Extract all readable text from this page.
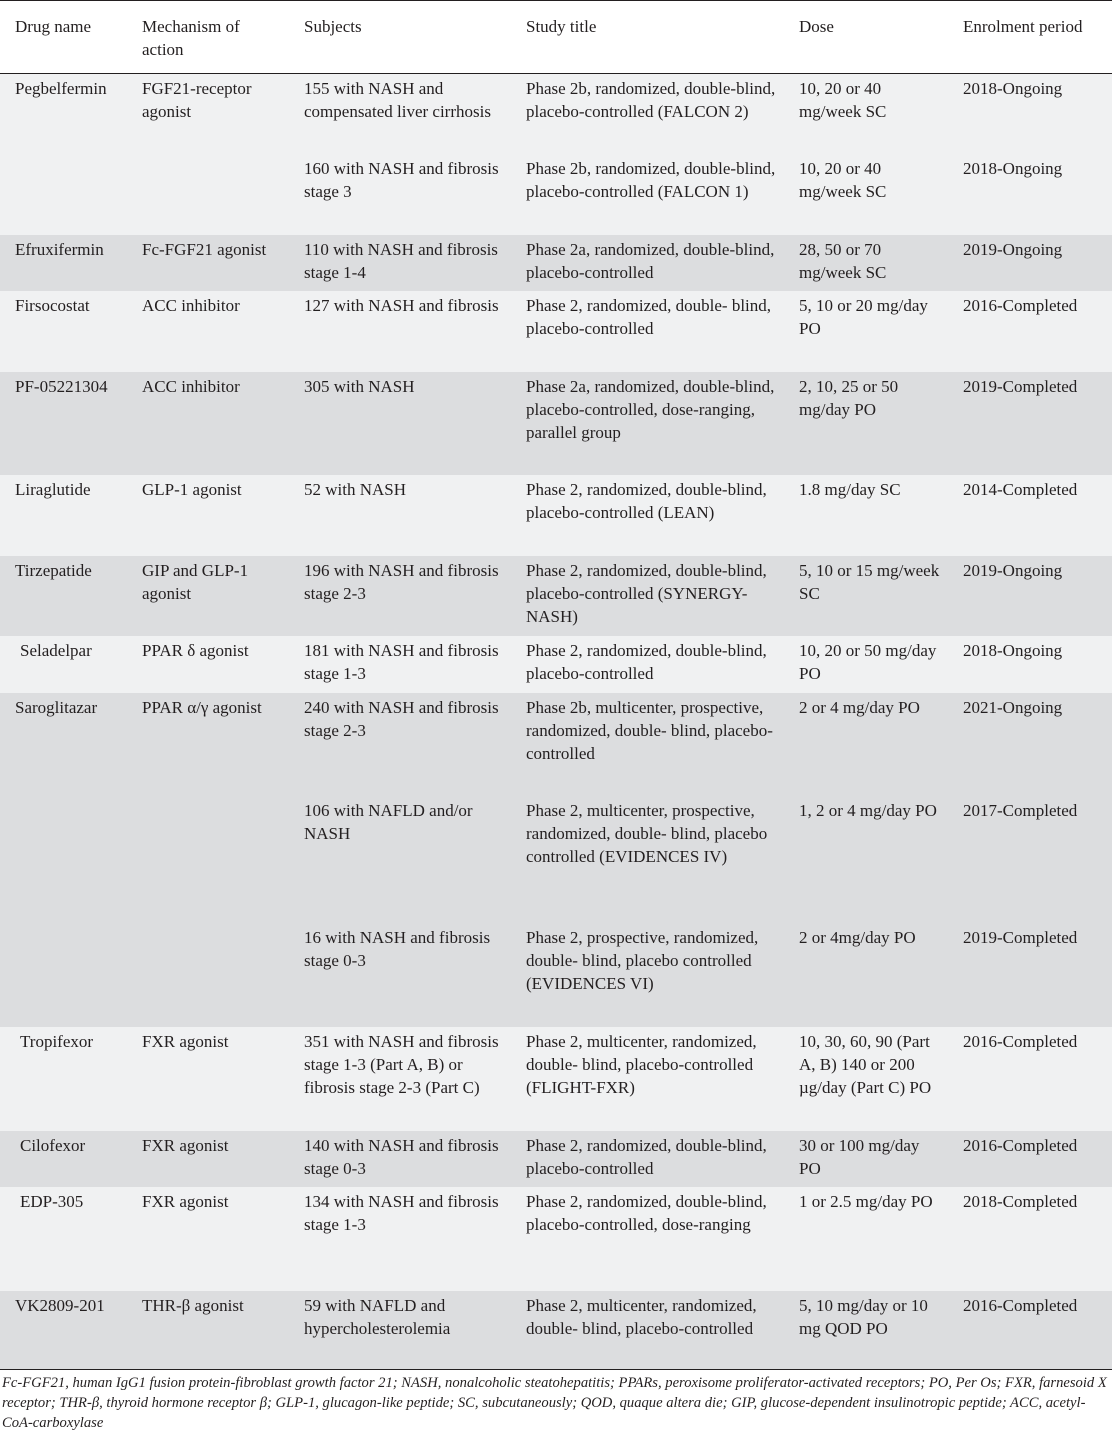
Drug name	Mechanism of action	Subjects	Study title	Dose	Enrolment period
Pegbelfermin	FGF21-receptor agonist	155 with NASH and compensated liver cirrhosis	Phase 2b, randomized, double-blind, placebo-controlled (FALCON 2)	10, 20 or 40 mg/week SC	2018-Ongoing
		160 with NASH and fibrosis stage 3	Phase 2b, randomized, double-blind, placebo-controlled (FALCON 1)	10, 20 or 40 mg/week SC	2018-Ongoing
Efruxifermin	Fc-FGF21 agonist	110 with NASH and fibrosis stage 1-4	Phase 2a, randomized, double-blind, placebo-controlled	28, 50 or 70 mg/week SC	2019-Ongoing
Firsocostat	ACC inhibitor	127 with NASH and fibrosis	Phase 2, randomized, double- blind, placebo-controlled	5, 10 or 20 mg/day PO	2016-Completed
PF-05221304	ACC inhibitor	305 with NASH	Phase 2a, randomized, double-blind, placebo-controlled, dose-ranging, parallel group	2, 10, 25 or 50 mg/day PO	2019-Completed
Liraglutide	GLP-1 agonist	52 with NASH	Phase 2, randomized, double-blind, placebo-controlled (LEAN)	1.8 mg/day SC	2014-Completed
Tirzepatide	GIP and GLP-1 agonist	196 with NASH and fibrosis stage 2-3	Phase 2, randomized, double-blind, placebo-controlled (SYNERGY-NASH)	5, 10 or 15 mg/week SC	2019-Ongoing
Seladelpar	PPAR δ agonist	181 with NASH and fibrosis stage 1-3	Phase 2, randomized, double-blind, placebo-controlled	10, 20 or 50 mg/day PO	2018-Ongoing
Saroglitazar	PPAR α/γ agonist	240 with NASH and fibrosis stage 2-3	Phase 2b, multicenter, prospective, randomized, double- blind, placebo-controlled	2 or 4 mg/day PO	2021-Ongoing
		106 with NAFLD and/or NASH	Phase 2, multicenter, prospective, randomized, double- blind, placebo controlled (EVIDENCES IV)	1, 2 or 4 mg/day PO	2017-Completed
		16 with NASH and fibrosis stage 0-3	Phase 2, prospective, randomized, double- blind, placebo controlled (EVIDENCES VI)	2 or 4mg/day PO	2019-Completed
Tropifexor	FXR agonist	351 with NASH and fibrosis stage 1-3 (Part A, B) or fibrosis stage 2-3 (Part C)	Phase 2, multicenter, randomized, double- blind, placebo-controlled (FLIGHT-FXR)	10, 30, 60, 90 (Part A, B) 140 or 200 µg/day (Part C) PO	2016-Completed
Cilofexor	FXR agonist	140 with NASH and fibrosis stage 0-3	Phase 2, randomized, double-blind, placebo-controlled	30 or 100 mg/day PO	2016-Completed
EDP-305	FXR agonist	134 with NASH and fibrosis stage 1-3	Phase 2, randomized, double-blind, placebo-controlled, dose-ranging	1 or 2.5 mg/day PO	2018-Completed
VK2809-201	THR-β agonist	59 with NAFLD and hypercholesterolemia	Phase 2, multicenter, randomized, double- blind, placebo-controlled	5, 10 mg/day or 10 mg QOD PO	2016-Completed
Fc-FGF21, human IgG1 fusion protein-fibroblast growth factor 21; NASH, nonalcoholic steatohepatitis; PPARs, peroxisome proliferator-activated receptors; PO, Per Os; FXR, farnesoid X receptor; THR-β, thyroid hormone receptor β; GLP-1, glucagon-like peptide; SC, subcutaneously; QOD, quaque altera die; GIP, glucose-dependent insulinotropic peptide; ACC, acetyl-CoA-carboxylase
